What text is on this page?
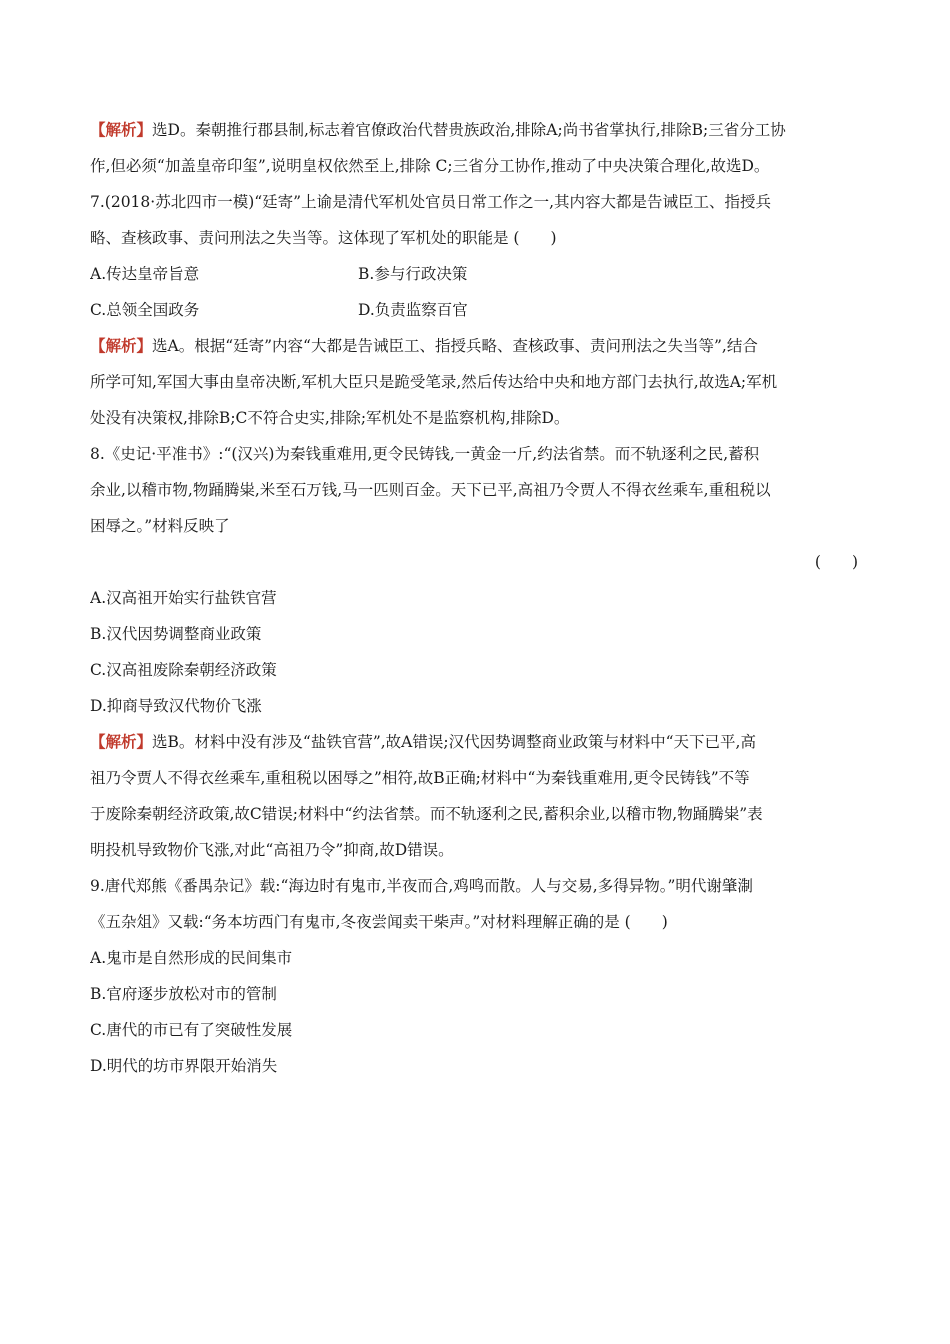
【解析】选D。秦朝推行郡县制,标志着官僚政治代替贵族政治,排除A;尚书省掌执行,排除B;三省分工协
作,但必须“加盖皇帝印玺”,说明皇权依然至上,排除 C;三省分工协作,推动了中央决策合理化,故选D。
7.(2018·苏北四市一模)“廷寄”上谕是清代军机处官员日常工作之一,其内容大都是告诫臣工、指授兵
略、查核政事、责问刑法之失当等。这体现了军机处的职能是 (　　)
A.传达皇帝旨意	B.参与行政决策
C.总领全国政务	D.负责监察百官
【解析】选A。根据“廷寄”内容“大都是告诫臣工、指授兵略、查核政事、责问刑法之失当等”,结合
所学可知,军国大事由皇帝决断,军机大臣只是跪受笔录,然后传达给中央和地方部门去执行,故选A;军机
处没有决策权,排除B;C不符合史实,排除;军机处不是监察机构,排除D。
8.《史记·平准书》:“(汉兴)为秦钱重难用,更令民铸钱,一黄金一斤,约法省禁。而不轨逐利之民,蓄积
余业,以稽市物,物踊腾粜,米至石万钱,马一匹则百金。天下已平,高祖乃令贾人不得衣丝乘车,重租税以
困辱之。”材料反映了
(　　)
A.汉高祖开始实行盐铁官营
B.汉代因势调整商业政策
C.汉高祖废除秦朝经济政策
D.抑商导致汉代物价飞涨
【解析】选B。材料中没有涉及“盐铁官营”,故A错误;汉代因势调整商业政策与材料中“天下已平,高
祖乃令贾人不得衣丝乘车,重租税以困辱之”相符,故B正确;材料中“为秦钱重难用,更令民铸钱”不等
于废除秦朝经济政策,故C错误;材料中“约法省禁。而不轨逐利之民,蓄积余业,以稽市物,物踊腾粜”表
明投机导致物价飞涨,对此“高祖乃令”抑商,故D错误。
9.唐代郑熊《番禺杂记》载:“海边时有鬼市,半夜而合,鸡鸣而散。人与交易,多得异物。”明代谢肇淛
《五杂俎》又载:“务本坊西门有鬼市,冬夜尝闻卖干柴声。”对材料理解正确的是 (　　)
A.鬼市是自然形成的民间集市
B.官府逐步放松对市的管制
C.唐代的市已有了突破性发展
D.明代的坊市界限开始消失
